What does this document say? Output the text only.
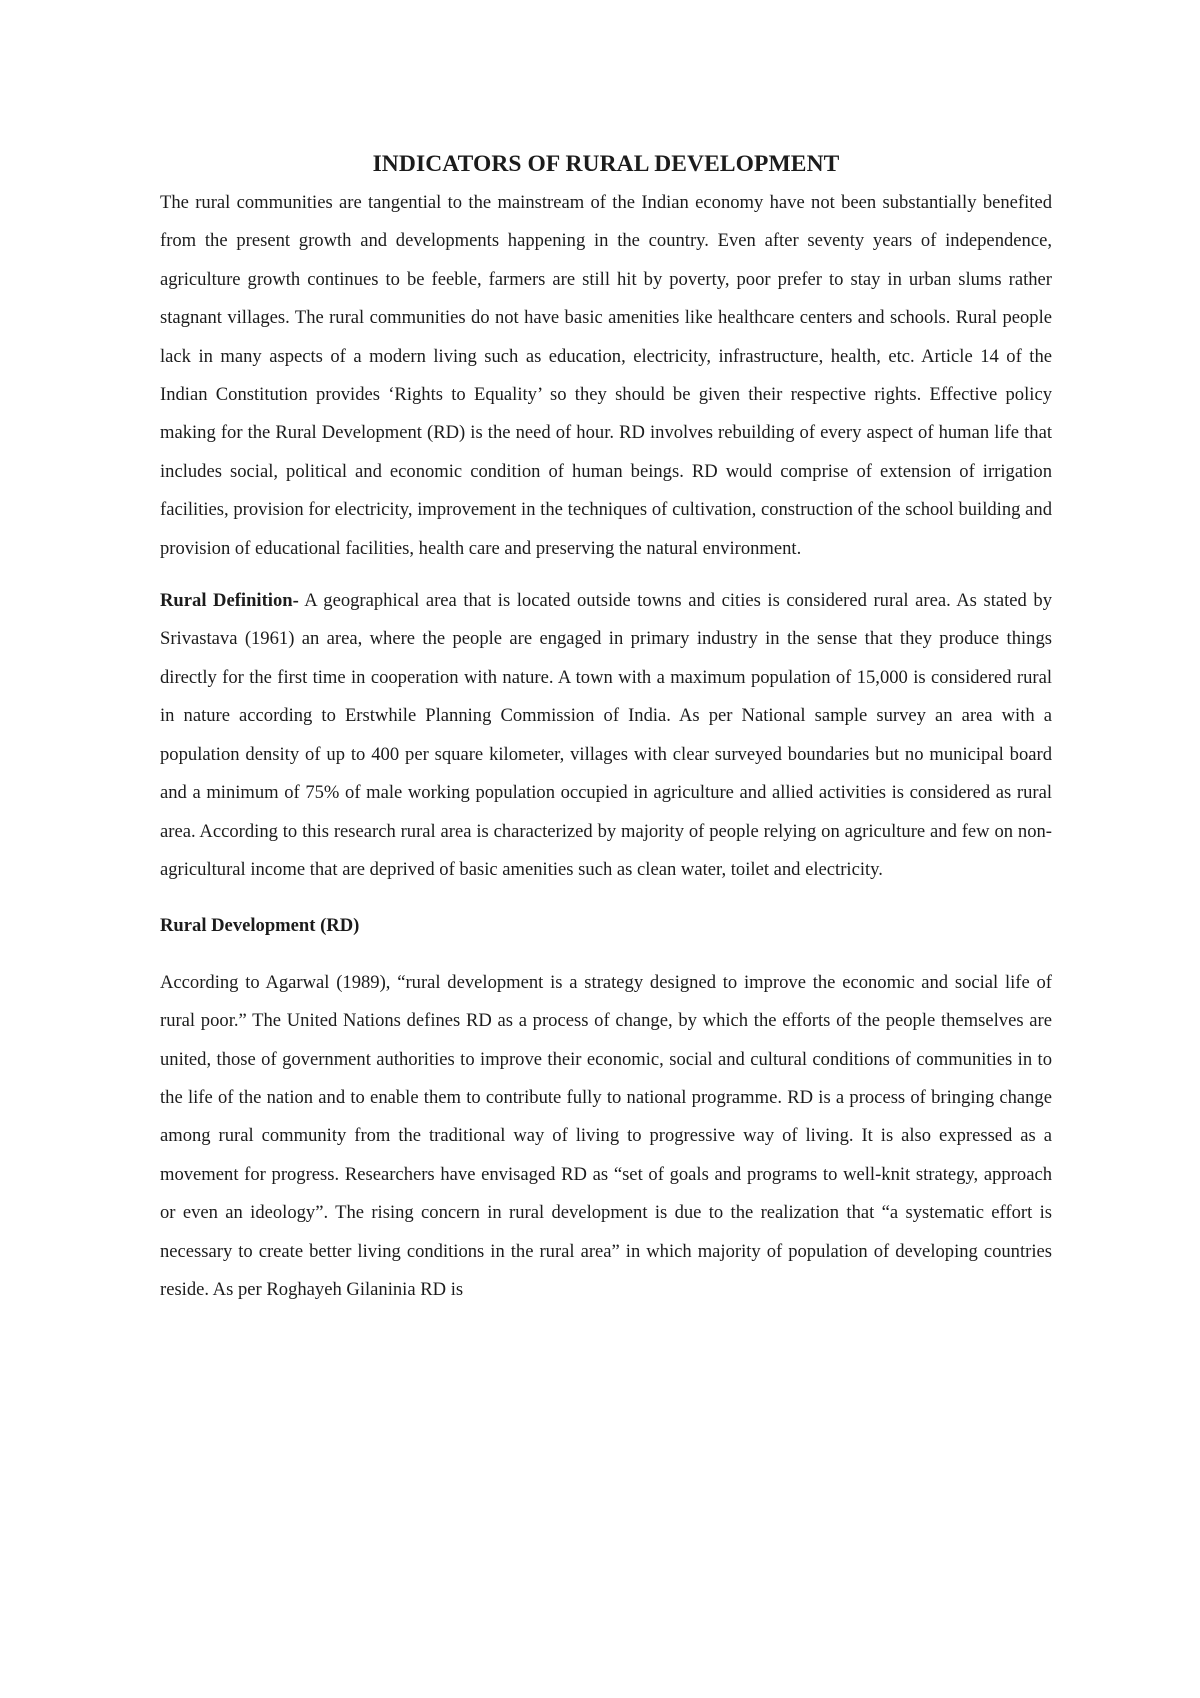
INDICATORS OF RURAL DEVELOPMENT

The rural communities are tangential to the mainstream of the Indian economy have not been substantially benefited from the present growth and developments happening in the country. Even after seventy years of independence, agriculture growth continues to be feeble, farmers are still hit by poverty, poor prefer to stay in urban slums rather stagnant villages. The rural communities do not have basic amenities like healthcare centers and schools. Rural people lack in many aspects of a modern living such as education, electricity, infrastructure, health, etc. Article 14 of the Indian Constitution provides ‘Rights to Equality’ so they should be given their respective rights. Effective policy making for the Rural Development (RD) is the need of hour. RD involves rebuilding of every aspect of human life that includes social, political and economic condition of human beings. RD would comprise of extension of irrigation facilities, provision for electricity, improvement in the techniques of cultivation, construction of the school building and provision of educational facilities, health care and preserving the natural environment.

Rural Definition- A geographical area that is located outside towns and cities is considered rural area. As stated by Srivastava (1961) an area, where the people are engaged in primary industry in the sense that they produce things directly for the first time in cooperation with nature. A town with a maximum population of 15,000 is considered rural in nature according to Erstwhile Planning Commission of India. As per National sample survey an area with a population density of up to 400 per square kilometer, villages with clear surveyed boundaries but no municipal board and a minimum of 75% of male working population occupied in agriculture and allied activities is considered as rural area. According to this research rural area is characterized by majority of people relying on agriculture and few on non-agricultural income that are deprived of basic amenities such as clean water, toilet and electricity.

Rural Development (RD)

According to Agarwal (1989), “rural development is a strategy designed to improve the economic and social life of rural poor.” The United Nations defines RD as a process of change, by which the efforts of the people themselves are united, those of government authorities to improve their economic, social and cultural conditions of communities in to the life of the nation and to enable them to contribute fully to national programme. RD is a process of bringing change among rural community from the traditional way of living to progressive way of living. It is also expressed as a movement for progress. Researchers have envisaged RD as “set of goals and programs to well-knit strategy, approach or even an ideology”. The rising concern in rural development is due to the realization that “a systematic effort is necessary to create better living conditions in the rural area” in which majority of population of developing countries reside. As per Roghayeh Gilaninia RD is
